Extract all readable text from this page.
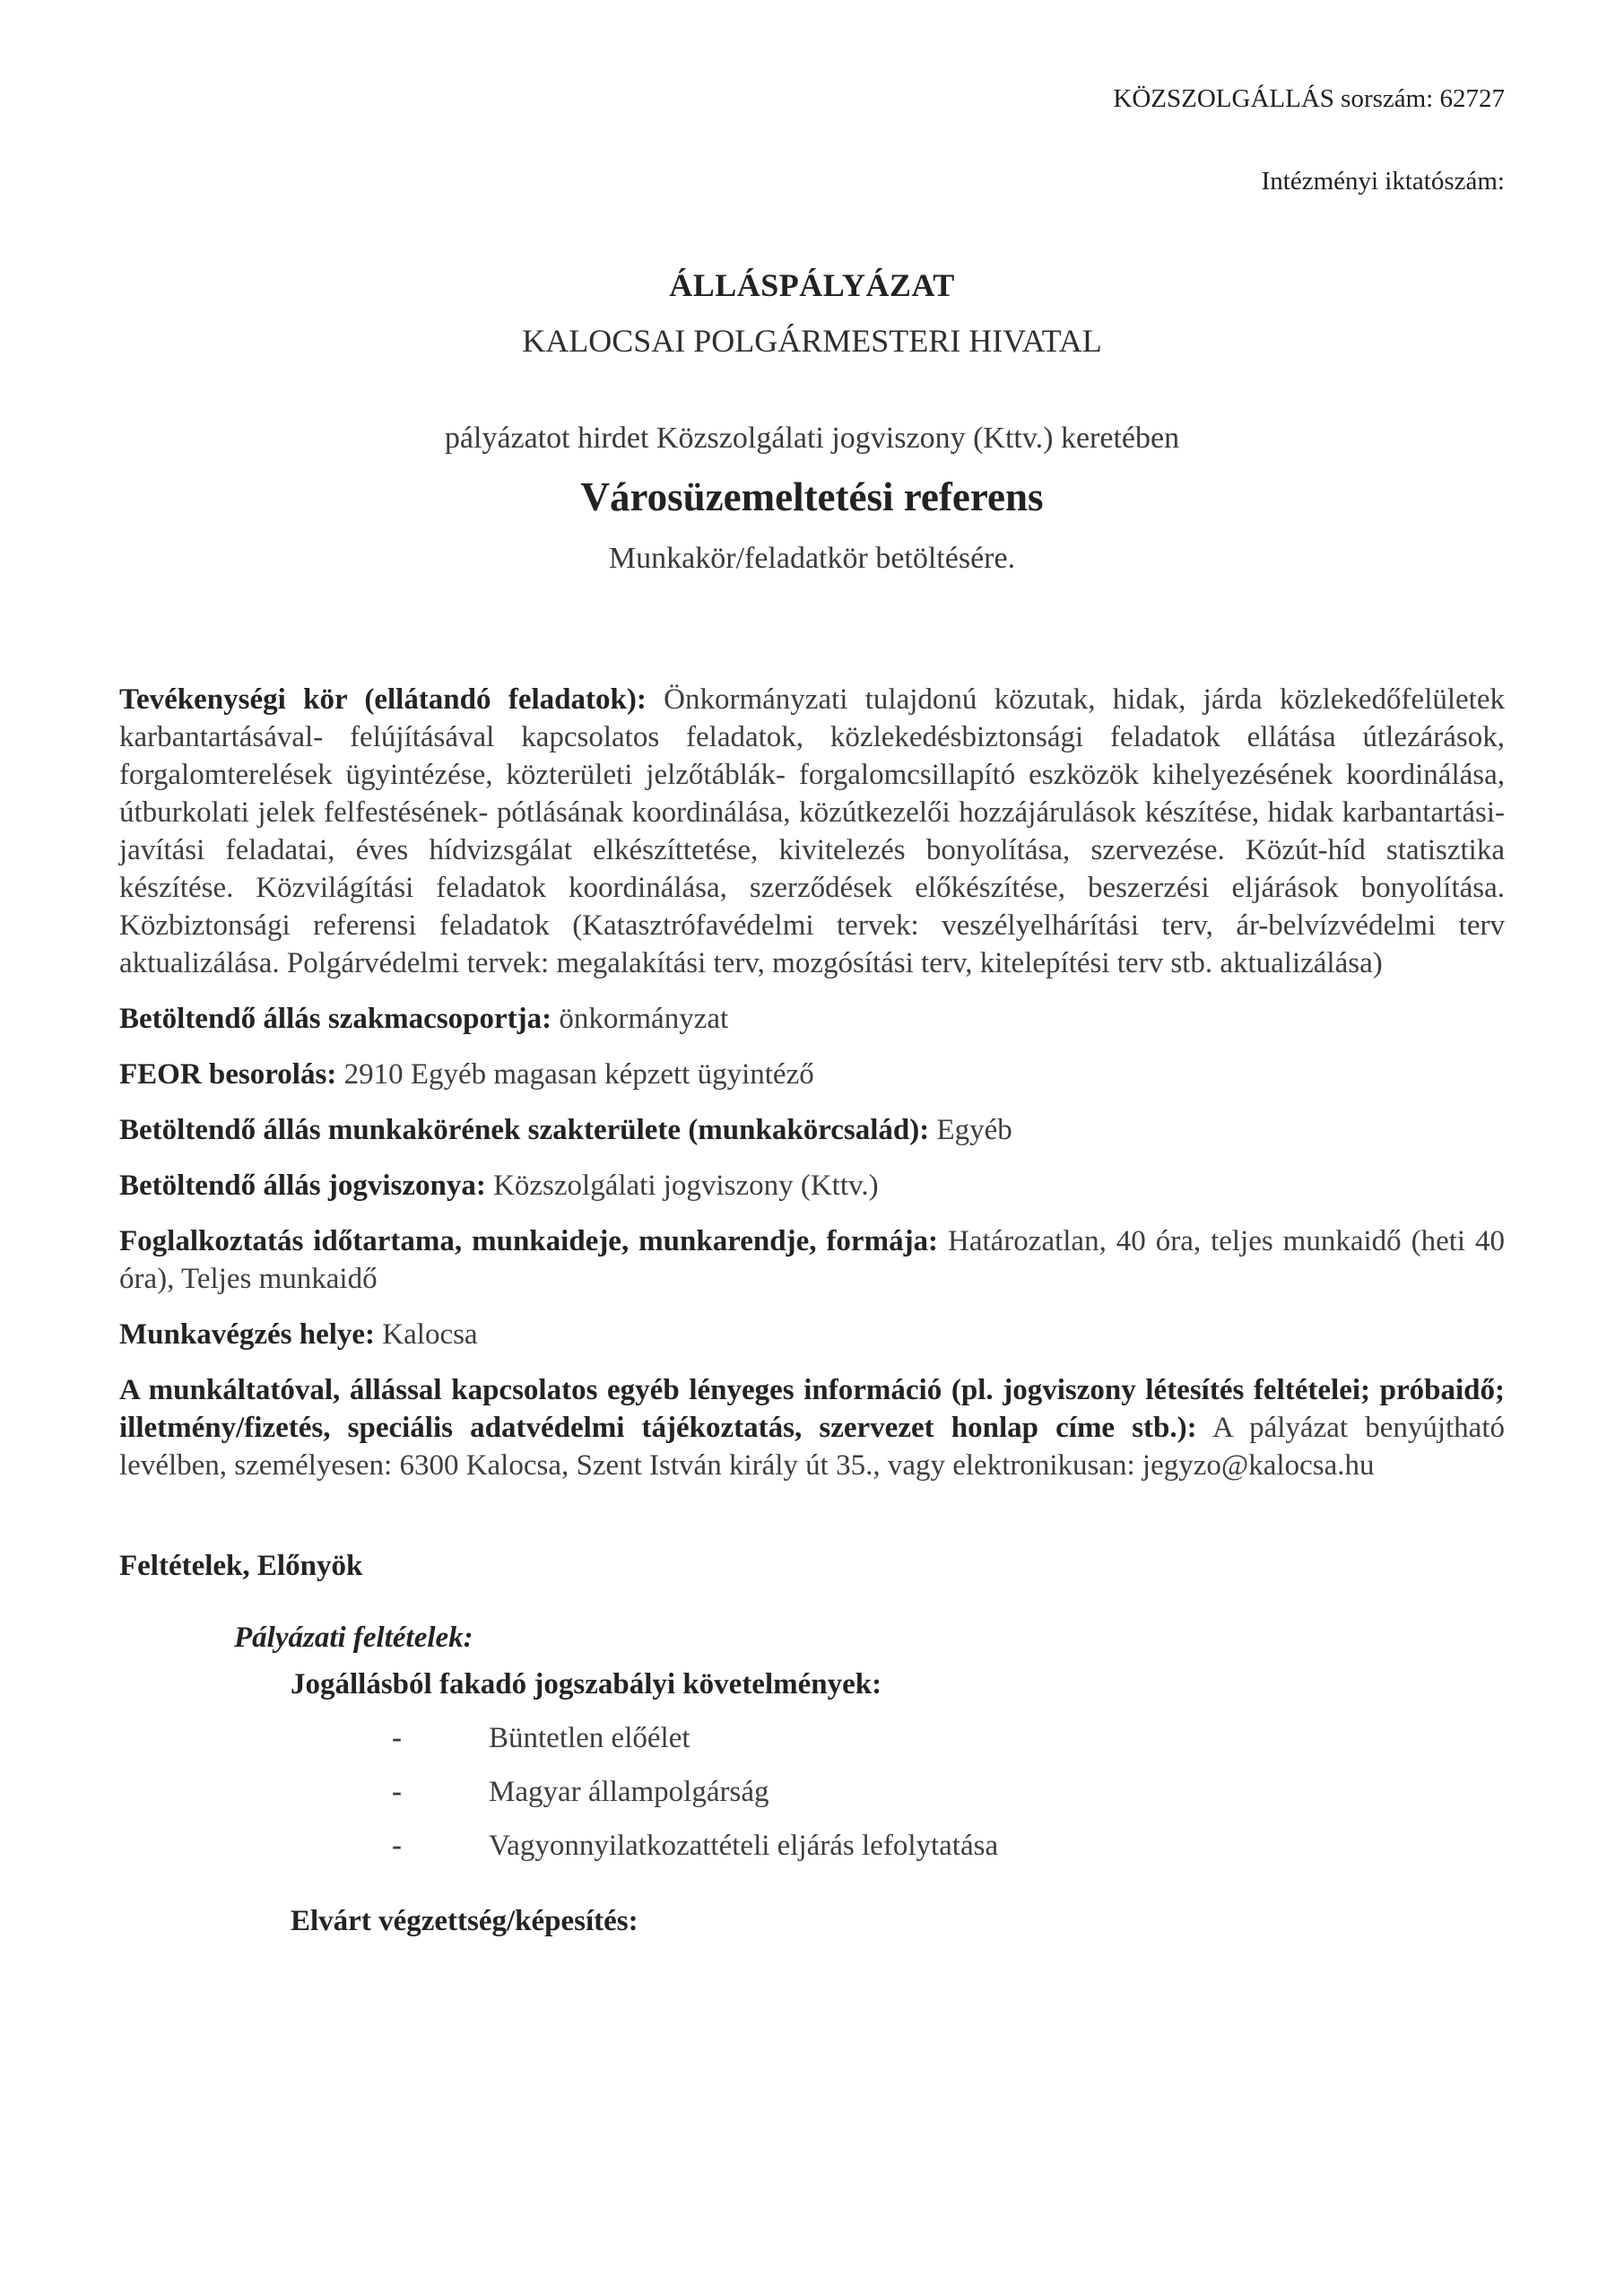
KÖZSZOLGÁLLÁS sorszám: 62727
Intézményi iktatószám:
ÁLLÁSPÁLYÁZAT
KALOCSAI POLGÁRMESTERI HIVATAL
pályázatot hirdet Közszolgálati jogviszony (Kttv.) keretében
Városüzemeltetési referens
Munkakör/feladatkör betöltésére.

Tevékenységi kör (ellátandó feladatok): Önkormányzati tulajdonú közutak, hidak, járda közlekedőfelületek karbantartásával- felújításával kapcsolatos feladatok, közlekedésbiztonsági feladatok ellátása útlezárások, forgalomterelések ügyintézése, közterületi jelzőtáblák- forgalomcsillapító eszközök kihelyezésének koordinálása, útburkolati jelek felfestésének- pótlásának koordinálása, közútkezelői hozzájárulások készítése, hidak karbantartási-javítási feladatai, éves hídvizsgálat elkészíttetése, kivitelezés bonyolítása, szervezése. Közút-híd statisztika készítése. Közvilágítási feladatok koordinálása, szerződések előkészítése, beszerzési eljárások bonyolítása. Közbiztonsági referensi feladatok (Katasztrófavédelmi tervek: veszélyelhárítási terv, ár-belvízvédelmi terv aktualizálása. Polgárvédelmi tervek: megalakítási terv, mozgósítási terv, kitelepítési terv stb. aktualizálása)

Betöltendő állás szakmacsoportja: önkormányzat

FEOR besorolás: 2910 Egyéb magasan képzett ügyintéző

Betöltendő állás munkakörének szakterülete (munkakörcsalád): Egyéb

Betöltendő állás jogviszonya: Közszolgálati jogviszony (Kttv.)

Foglalkoztatás időtartama, munkaideje, munkarendje, formája: Határozatlan, 40 óra, teljes munkaidő (heti 40 óra), Teljes munkaidő

Munkavégzés helye: Kalocsa

A munkáltatóval, állással kapcsolatos egyéb lényeges információ (pl. jogviszony létesítés feltételei; próbaidő; illetmény/fizetés, speciális adatvédelmi tájékoztatás, szervezet honlap címe stb.): A pályázat benyújtható levélben, személyesen: 6300 Kalocsa, Szent István király út 35., vagy elektronikusan: jegyzo@kalocsa.hu

Feltételek, Előnyök
Pályázati feltételek:
Jogállásból fakadó jogszabályi követelmények:
-	Büntetlen előélet
-	Magyar állampolgárság
-	Vagyonnyilatkozattételi eljárás lefolytatása
Elvárt végzettség/képesítés:
